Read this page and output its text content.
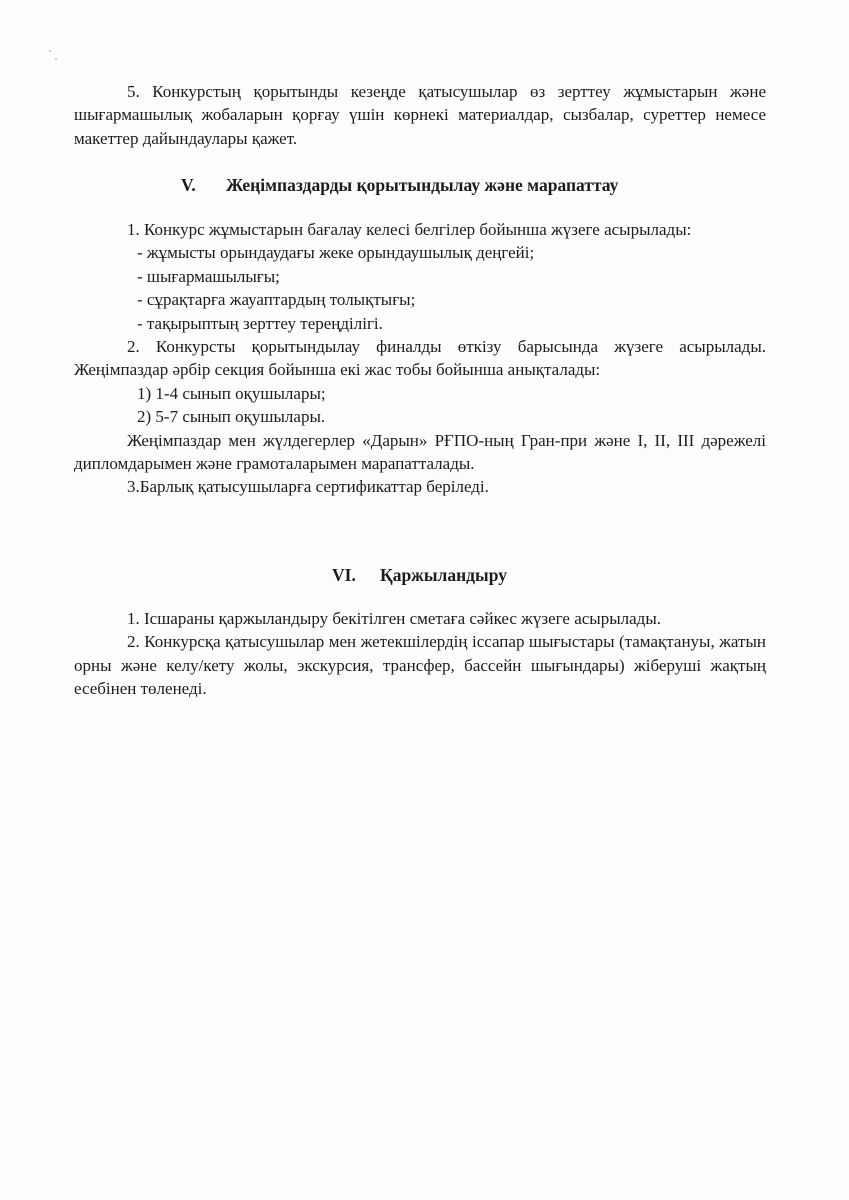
5. Конкурстың қорытынды кезеңде қатысушылар өз зерттеу жұмыстарын және шығармашылық жобаларын қорғау үшін көрнекі материалдар, сызбалар, суреттер немесе макеттер дайындаулары қажет.

V. Жеңімпаздарды қорытындылау және марапаттау

1. Конкурс жұмыстарын бағалау келесі белгілер бойынша жүзеге асырылады:

- жұмысты орындаудағы жеке орындаушылық деңгейі;

- шығармашылығы;

- сұрақтарға жауаптардың толықтығы;

- тақырыптың зерттеу тереңділігі.

2. Конкурсты қорытындылау финалды өткізу барысында жүзеге асырылады. Жеңімпаздар әрбір секция бойынша екі жас тобы бойынша анықталады:

1) 1-4 сынып оқушылары;

2) 5-7 сынып оқушылары.

Жеңімпаздар мен жүлдегерлер «Дарын» РҒПО-ның Гран-при және I, II, III дәрежелі дипломдарымен және грамоталарымен марапатталады.

3.Барлық қатысушыларға сертификаттар беріледі.

VI. Қаржыландыру

1. Ісшараны қаржыландыру бекітілген сметаға сәйкес жүзеге асырылады.

2. Конкурсқа қатысушылар мен жетекшілердің іссапар шығыстары (тамақтануы, жатын орны және келу/кету жолы, экскурсия, трансфер, бассейн шығындары) жіберуші жақтың есебінен төленеді.
